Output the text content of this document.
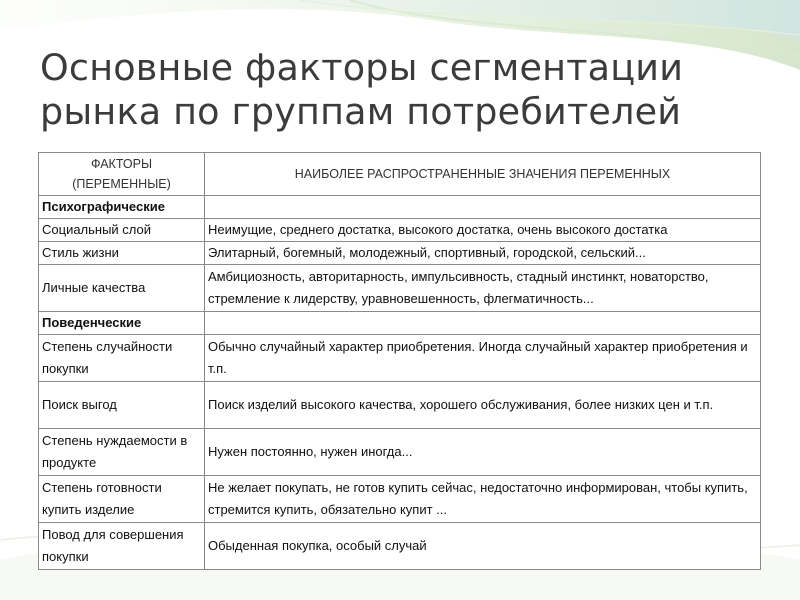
Основные факторы сегментации
рынка по группам потребителей
ФАКТОРЫ
(ПЕРЕМЕННЫЕ)	НАИБОЛЕЕ РАСПРОСТРАНЕННЫЕ ЗНАЧЕНИЯ ПЕРЕМЕННЫХ
Психографические	
Социальный слой	Неимущие, среднего достатка, высокого достатка, очень высокого достатка
Стиль жизни	Элитарный, богемный, молодежный, спортивный, городской, сельский...
Личные качества	Амбициозность, авторитарность, импульсивность, стадный инстинкт, новаторство, стремление к лидерству, уравновешенность, флегматичность...
Поведенческие	
Степень случайности покупки	Обычно случайный характер приобретения. Иногда случайный характер приобретения и т.п.
Поиск выгод	Поиск изделий высокого качества, хорошего обслуживания, более низких цен и т.п.
Степень нуждаемости в продукте	Нужен постоянно, нужен иногда...
Степень готовности купить изделие	Не желает покупать, не готов купить сейчас, недостаточно информирован, чтобы купить, стремится купить, обязательно купит ...
Повод для совершения покупки	Обыденная покупка, особый случай
